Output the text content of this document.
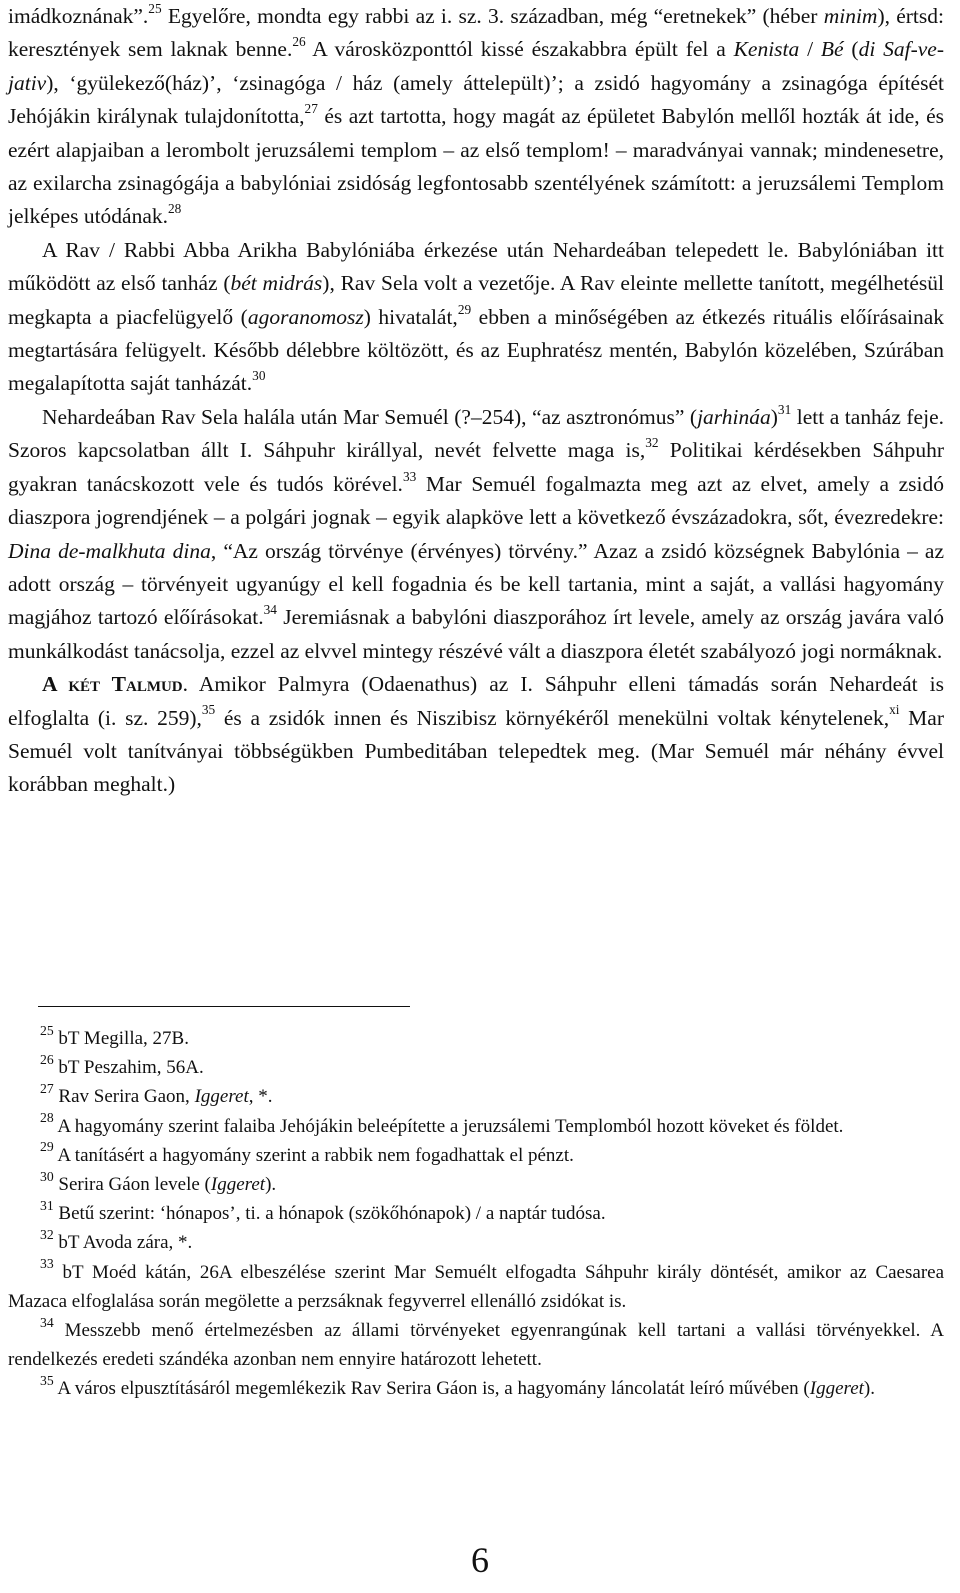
imádkoznának”.$^{25}$ Egyelőre, mondta egy rabbi az i. sz. 3. században, még “eretnekek” (héber minim), értsd: keresztények sem laknak benne.$^{26}$ A városközponttól kissé északabbra épült fel a Kenista / Bé (di Saf-ve-jativ), ‘gyülekező(ház)’, ‘zsinagóga / ház (amely áttelepült)’; a zsidó hagyomány a zsinagóga építését Jehójákin királynak tulajdonította,$^{27}$ és azt tartotta, hogy magát az épületet Babylón mellől hozták át ide, és ezért alapjaiban a lerombolt jeruzsálemi templom – az első templom! – maradványai vannak; mindenesetre, az exilarcha zsinagógája a babylóniai zsidóság legfontosabb szentélyének számított: a jeruzsálemi Templom jelképes utódának.$^{28}$

A Rav / Rabbi Abba Arikha Babylóniába érkezése után Nehardeában telepedett le. Babylóniában itt működött az első tanház (bét midrás), Rav Sela volt a vezetője. A Rav eleinte mellette tanított, megélhetésül megkapta a piacfelügyelő (agoranomosz) hivatalát,$^{29}$ ebben a minőségében az étkezés rituális előírásainak megtartására felügyelt. Később délebbre költözött, és az Euphratész mentén, Babylón közelében, Szúrában megalapította saját tanházát.$^{30}$

Nehardeában Rav Sela halála után Mar Semuél (?–254), “az asztronómus” (jarhináa)$^{31}$ lett a tanház feje. Szoros kapcsolatban állt I. Sáhpuhr királlyal, nevét felvette maga is,$^{32}$ Politikai kérdésekben Sáhpuhr gyakran tanácskozott vele és tudós körével.$^{33}$ Mar Semuél fogalmazta meg azt az elvet, amely a zsidó diaszpora jogrendjének – a polgári jognak – egyik alapköve lett a következő évszázadokra, sőt, évezredekre: Dina de-malkhuta dina, “Az ország törvénye (érvényes) törvény.” Azaz a zsidó községnek Babylónia – az adott ország – törvényeit ugyanúgy el kell fogadnia és be kell tartania, mint a saját, a vallási hagyomány magjához tartozó előírásokat.$^{34}$ Jeremiásnak a babylóni diaszporához írt levele, amely az ország javára való munkálkodást tanácsolja, ezzel az elvvel mintegy részévé vált a diaszpora életét szabályozó jogi normáknak.

A két Talmud. Amikor Palmyra (Odaenathus) az I. Sáhpuhr elleni támadás során Nehardeát is elfoglalta (i. sz. 259),$^{35}$ és a zsidók innen és Niszibisz környékéről menekülni voltak kénytelenek,$^{xi}$ Mar Semuél volt tanítványai többségükben Pumbeditában telepedtek meg. (Mar Semuél már néhány évvel korábban meghalt.)

$^{25}$ bT Megilla, 27B.

$^{26}$ bT Peszahim, 56A.

$^{27}$ Rav Serira Gaon, Iggeret, *.

$^{28}$ A hagyomány szerint falaiba Jehójákin beleépítette a jeruzsálemi Templomból hozott köveket és földet.

$^{29}$ A tanításért a hagyomány szerint a rabbik nem fogadhattak el pénzt.

$^{30}$ Serira Gáon levele (Iggeret).

$^{31}$ Betű szerint: ‘hónapos’, ti. a hónapok (szökőhónapok) / a naptár tudósa.

$^{32}$ bT Avoda zára, *.

$^{33}$ bT Moéd kátán, 26A elbeszélése szerint Mar Semuélt elfogadta Sáhpuhr király döntését, amikor az Caesarea Mazaca elfoglalása során megölette a perzsáknak fegyverrel ellenálló zsidókat is.

$^{34}$ Messzebb menő értelmezésben az állami törvényeket egyenrangúnak kell tartani a vallási törvényekkel. A rendelkezés eredeti szándéka azonban nem ennyire határozott lehetett.

$^{35}$ A város elpusztításáról megemlékezik Rav Serira Gáon is, a hagyomány láncolatát leíró művében (Iggeret).

6
